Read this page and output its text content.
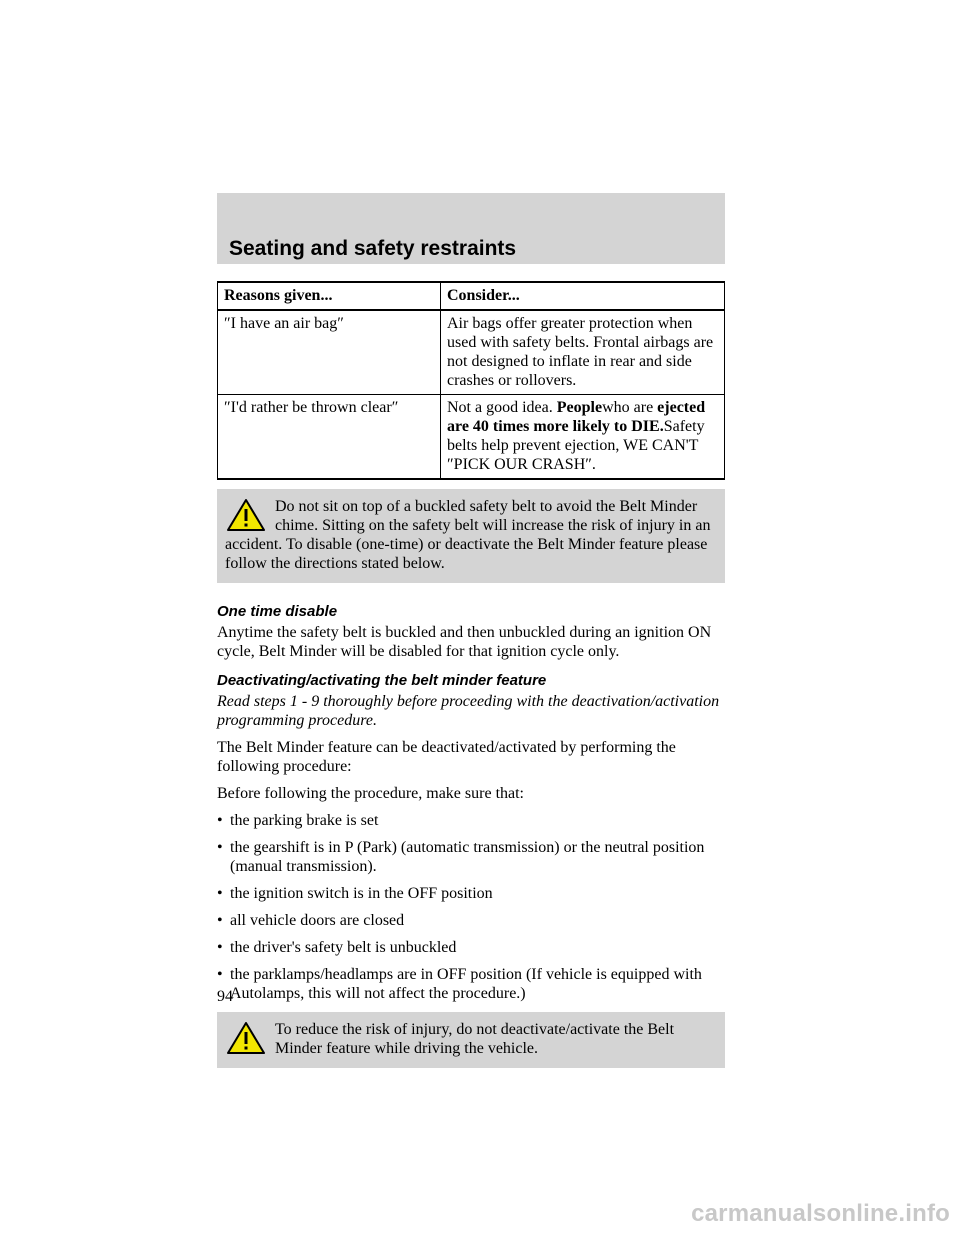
Seating and safety restraints
Reasons given...	Consider...
″I have an air bag″	Air bags offer greater protection when used with safety belts. Frontal airbags are not designed to inflate in rear and side crashes or rollovers.
″I'd rather be thrown clear″	Not a good idea. Peoplewho are ejected are 40 times more likely to DIE.Safety belts help prevent ejection, WE CAN'T ″PICK OUR CRASH″.

Do not sit on top of a buckled safety belt to avoid the Belt Minder chime. Sitting on the safety belt will increase the risk of injury in an accident. To disable (one-time) or deactivate the Belt Minder feature please follow the directions stated below.

One time disable

Anytime the safety belt is buckled and then unbuckled during an ignition ON cycle, Belt Minder will be disabled for that ignition cycle only.

Deactivating/activating the belt minder feature

Read steps 1 - 9 thoroughly before proceeding with the deactivation/activation programming procedure.

The Belt Minder feature can be deactivated/activated by performing the following procedure:

Before following the procedure, make sure that:

• the parking brake is set
• the gearshift is in P (Park) (automatic transmission) or the neutral position (manual transmission).
• the ignition switch is in the OFF position
• all vehicle doors are closed
• the driver's safety belt is unbuckled
• the parklamps/headlamps are in OFF position (If vehicle is equipped with Autolamps, this will not affect the procedure.)

To reduce the risk of injury, do not deactivate/activate the Belt Minder feature while driving the vehicle.

94
carmanualsonline.info
